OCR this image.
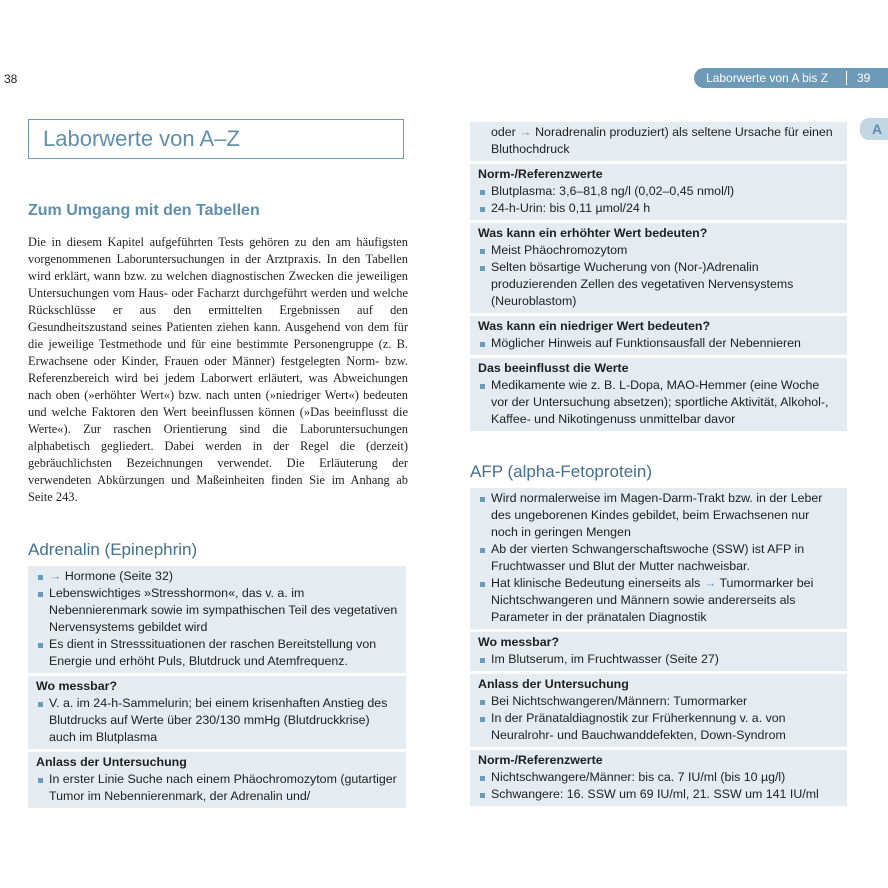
38	Laborwerte von A bis Z	39
A
Laborwerte von A–Z
Zum Umgang mit den Tabellen
Die in diesem Kapitel aufgeführten Tests gehören zu den am häufigsten vorgenommenen Laboruntersuchungen in der Arztpraxis. In den Tabellen wird erklärt, wann bzw. zu welchen diagnostischen Zwecken die jeweiligen Untersuchungen vom Haus- oder Facharzt durchgeführt werden und welche Rückschlüsse er aus den ermittelten Ergebnissen auf den Gesundheitszustand seines Patienten ziehen kann. Ausgehend von dem für die jeweilige Testmethode und für eine bestimmte Personengruppe (z. B. Erwachsene oder Kinder, Frauen oder Männer) festgelegten Norm- bzw. Referenzbereich wird bei jedem Laborwert erläutert, was Abweichungen nach oben (»erhöhter Wert«) bzw. nach unten (»niedriger Wert«) bedeuten und welche Faktoren den Wert beeinflussen können (»Das beeinflusst die Werte«). Zur raschen Orientierung sind die Laboruntersuchungen alphabetisch gegliedert. Dabei werden in der Regel die (derzeit) gebräuchlichsten Bezeichnungen verwendet. Die Erläuterung der verwendeten Abkürzungen und Maßeinheiten finden Sie im Anhang ab Seite 243.
Adrenalin (Epinephrin)
→ Hormone (Seite 32)
Lebenswichtiges »Stresshormon«, das v. a. im Nebennierenmark sowie im sympathischen Teil des vegetativen Nervensystems gebildet wird
Es dient in Stresssituationen der raschen Bereitstellung von Energie und erhöht Puls, Blutdruck und Atemfrequenz.
Wo messbar?
V. a. im 24-h-Sammelurin; bei einem krisenhaften Anstieg des Blutdrucks auf Werte über 230/130 mmHg (Blutdruckkrise) auch im Blutplasma
Anlass der Untersuchung
In erster Linie Suche nach einem Phäochromozytom (gutartiger Tumor im Nebennierenmark, der Adrenalin und/
oder → Noradrenalin produziert) als seltene Ursache für einen Bluthochdruck
Norm-/Referenzwerte
Blutplasma: 3,6–81,8 ng/l (0,02–0,45 nmol/l)
24-h-Urin: bis 0,11 µmol/24 h
Was kann ein erhöhter Wert bedeuten?
Meist Phäochromozytom
Selten bösartige Wucherung von (Nor-)Adrenalin produzierenden Zellen des vegetativen Nervensystems (Neuroblastom)
Was kann ein niedriger Wert bedeuten?
Möglicher Hinweis auf Funktionsausfall der Nebennieren
Das beeinflusst die Werte
Medikamente wie z. B. L-Dopa, MAO-Hemmer (eine Woche vor der Untersuchung absetzen); sportliche Aktivität, Alkohol-, Kaffee- und Nikotingenuss unmittelbar davor
AFP (alpha-Fetoprotein)
Wird normalerweise im Magen-Darm-Trakt bzw. in der Leber des ungeborenen Kindes gebildet, beim Erwachsenen nur noch in geringen Mengen
Ab der vierten Schwangerschaftswoche (SSW) ist AFP in Fruchtwasser und Blut der Mutter nachweisbar.
Hat klinische Bedeutung einerseits als → Tumormarker bei Nichtschwangeren und Männern sowie andererseits als Parameter in der pränatalen Diagnostik
Wo messbar?
Im Blutserum, im Fruchtwasser (Seite 27)
Anlass der Untersuchung
Bei Nichtschwangeren/Männern: Tumormarker
In der Pränataldiagnostik zur Früherkennung v. a. von Neuralrohr- und Bauchwanddefekten, Down-Syndrom
Norm-/Referenzwerte
Nichtschwangere/Männer: bis ca. 7 IU/ml (bis 10 µg/l)
Schwangere: 16. SSW um 69 IU/ml, 21. SSW um 141 IU/ml
